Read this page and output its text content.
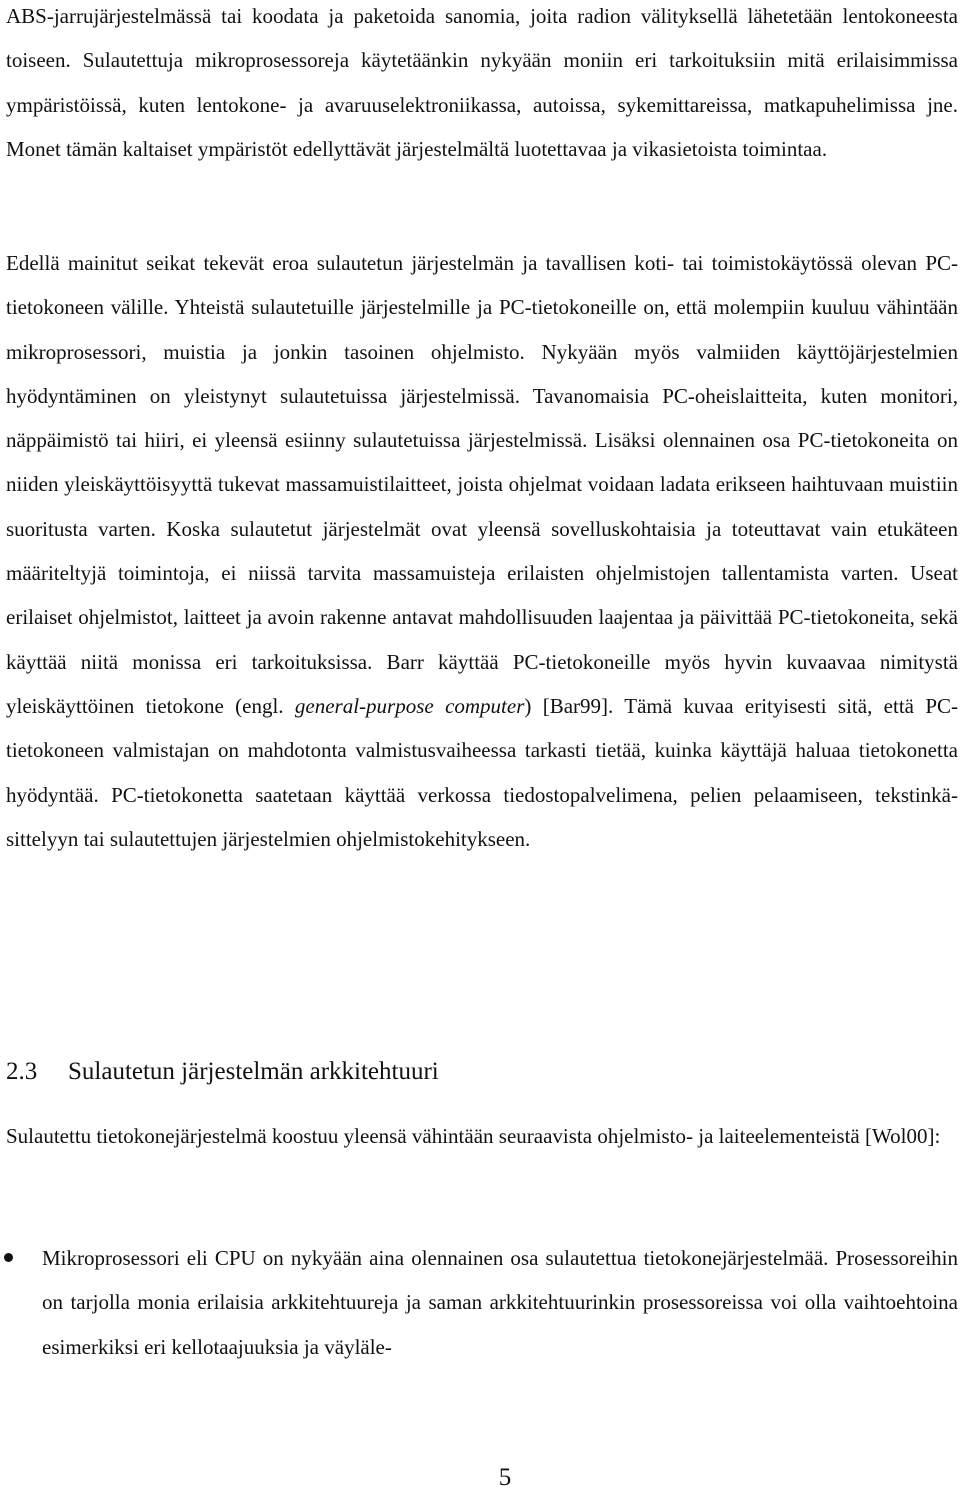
ABS-jarrujärjestelmässä tai koodata ja paketoida sanomia, joita radion välityksellä lähetetään lentokoneesta toiseen. Sulautettuja mikroprosessoreja käytetäänkin nykyään moniin eri tarkoituksiin mitä erilaisimmissa ympäristöissä, kuten lentokone- ja avaruuselektroniikassa, autoissa, sykemittareissa, matkapuhelimissa jne. Monet tämän kaltaiset ympäristöt edellyttävät järjestelmältä luotettavaa ja vikasietoista toimintaa.

Edellä mainitut seikat tekevät eroa sulautetun järjestelmän ja tavallisen koti- tai toimistokäytössä olevan PC-tietokoneen välille. Yhteistä sulautetuille järjestelmille ja PC-tietokoneille on, että molempiin kuuluu vähintään mikroprosessori, muistia ja jonkin tasoinen ohjelmisto. Nykyään myös valmiiden käyttöjärjestelmien hyödyntäminen on yleistynyt sulautetuissa järjestelmissä. Tavanomaisia PC-oheislaitteita, kuten monitori, näppäimistö tai hiiri, ei yleensä esiinny sulautetuissa järjestelmissä. Lisäksi olennainen osa PC-tietokoneita on niiden yleiskäyttöisyyttä tukevat massamuistilaitteet, joista ohjelmat voidaan ladata erikseen haihtuvaan muistiin suoritusta varten. Koska sulautetut järjestelmät ovat yleensä sovelluskohtaisia ja toteuttavat vain etukäteen määriteltyjä toimintoja, ei niissä tarvita massamuisteja erilaisten ohjelmistojen tallentamista varten. Useat erilaiset ohjelmistot, laitteet ja avoin rakenne antavat mahdollisuuden laajentaa ja päivittää PC-tietokoneita, sekä käyttää niitä monissa eri tarkoituksissa. Barr käyttää PC-tietokoneille myös hyvin kuvaavaa nimitystä yleiskäyttöinen tietokone (engl. general-purpose computer) [Bar99]. Tämä kuvaa erityisesti sitä, että PC-tietokoneen valmistajan on mahdotonta valmistusvaiheessa tarkasti tietää, kuinka käyttäjä haluaa tietokonetta hyödyntää. PC-tietokonetta saatetaan käyttää verkossa tiedostopalvelimena, pelien pelaamiseen, tekstinkäsittelyyn tai sulautettujen järjestelmien ohjelmistokehitykseen.

2.3 Sulautetun järjestelmän arkkitehtuuri

Sulautettu tietokonejärjestelmä koostuu yleensä vähintään seuraavista ohjelmisto- ja laiteelementeistä [Wol00]:

Mikroprosessori eli CPU on nykyään aina olennainen osa sulautettua tietokonejärjestelmää. Prosessoreihin on tarjolla monia erilaisia arkkitehtuureja ja saman arkkitehtuurinkin prosessoreissa voi olla vaihtoehtoina esimerkiksi eri kellotaajuuksia ja väyläle-
5
